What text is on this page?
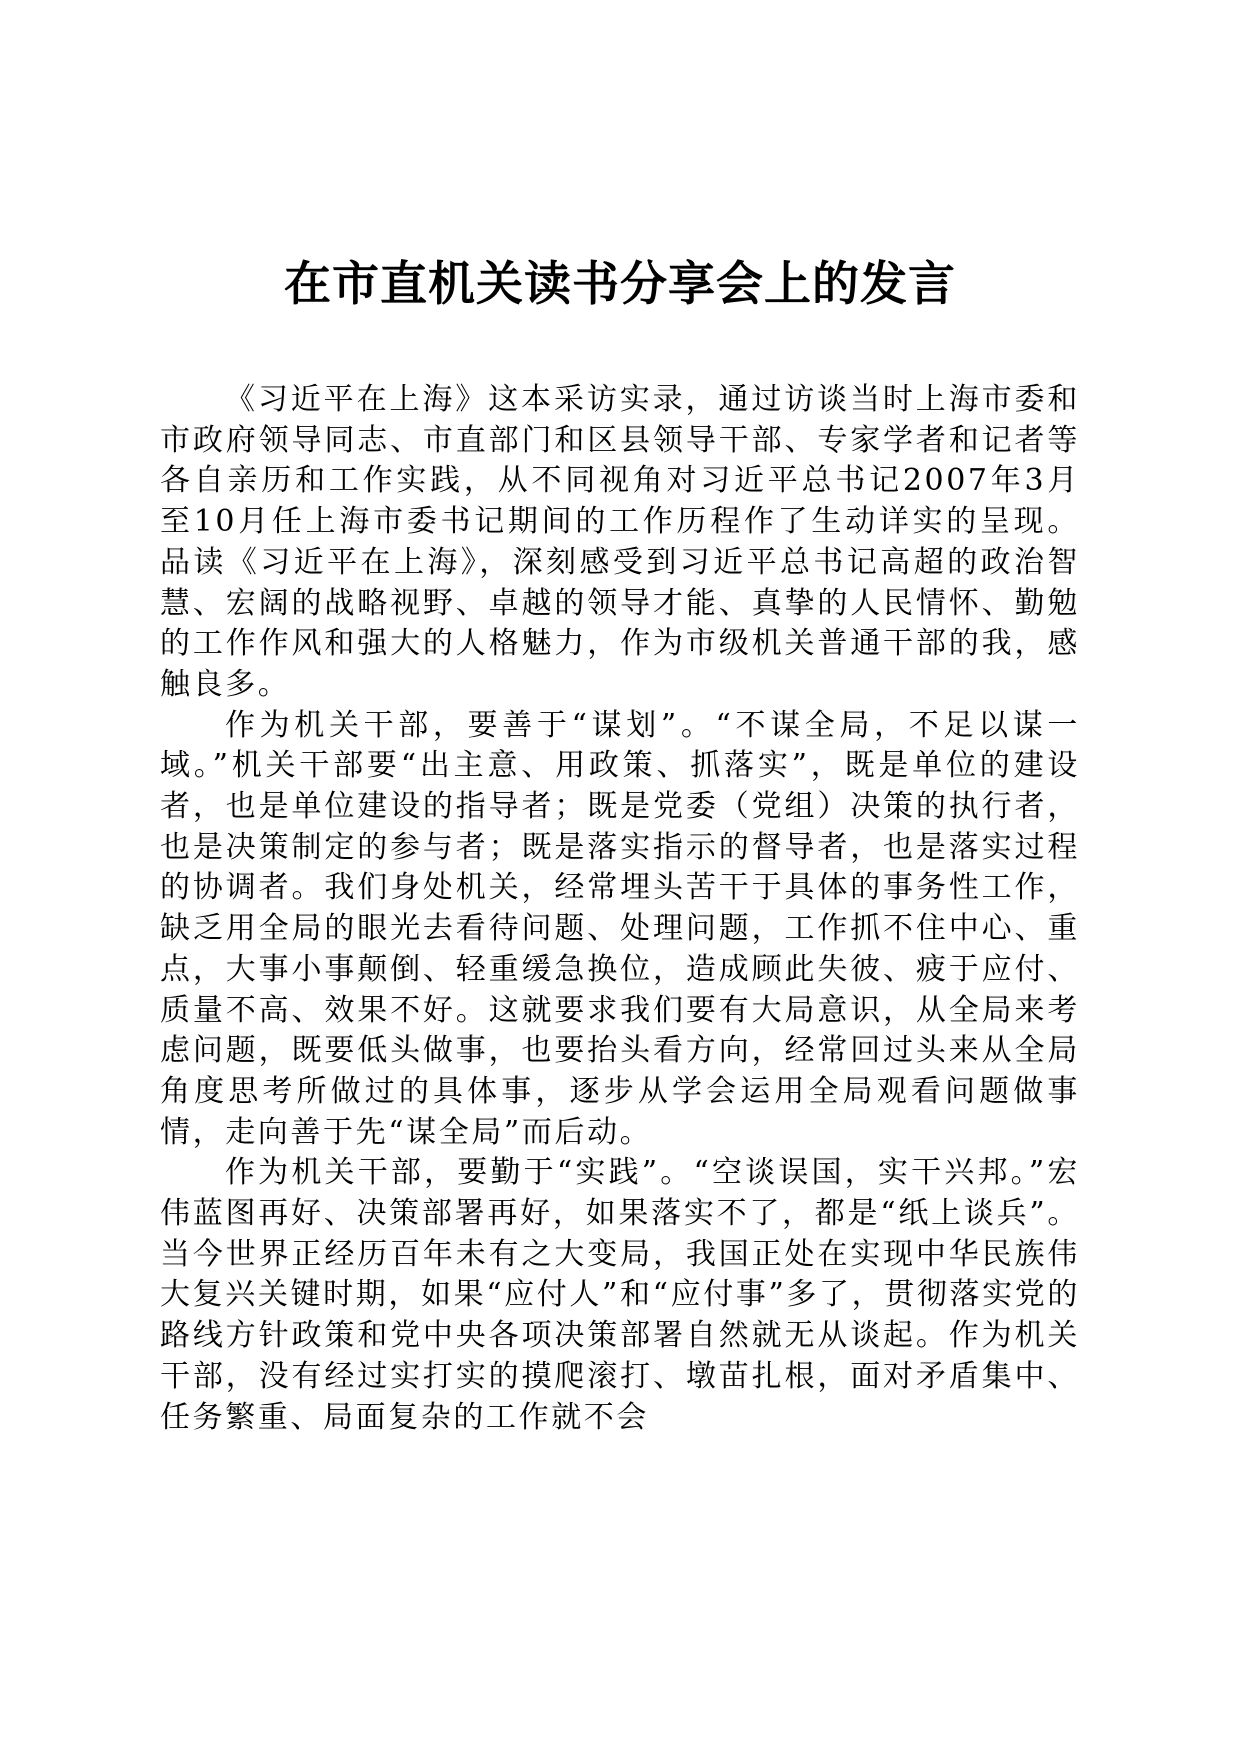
在市直机关读书分享会上的发言

《习近平在上海》这本采访实录，通过访谈当时上海市委和市政府领导同志、市直部门和区县领导干部、专家学者和记者等各自亲历和工作实践，从不同视角对习近平总书记2007年3月至10月任上海市委书记期间的工作历程作了生动详实的呈现。品读《习近平在上海》，深刻感受到习近平总书记高超的政治智慧、宏阔的战略视野、卓越的领导才能、真挚的人民情怀、勤勉的工作作风和强大的人格魅力，作为市级机关普通干部的我，感触良多。

作为机关干部，要善于“谋划”。“不谋全局，不足以谋一域。”机关干部要“出主意、用政策、抓落实”，既是单位的建设者，也是单位建设的指导者；既是党委（党组）决策的执行者，也是决策制定的参与者；既是落实指示的督导者，也是落实过程的协调者。我们身处机关，经常埋头苦干于具体的事务性工作，缺乏用全局的眼光去看待问题、处理问题，工作抓不住中心、重点，大事小事颠倒、轻重缓急换位，造成顾此失彼、疲于应付、质量不高、效果不好。这就要求我们要有大局意识，从全局来考虑问题，既要低头做事，也要抬头看方向，经常回过头来从全局角度思考所做过的具体事，逐步从学会运用全局观看问题做事情，走向善于先“谋全局”而后动。

作为机关干部，要勤于“实践”。“空谈误国，实干兴邦。”宏伟蓝图再好、决策部署再好，如果落实不了，都是“纸上谈兵”。当今世界正经历百年未有之大变局，我国正处在实现中华民族伟大复兴关键时期，如果“应付人”和“应付事”多了，贯彻落实党的路线方针政策和党中央各项决策部署自然就无从谈起。作为机关干部，没有经过实打实的摸爬滚打、墩苗扎根，面对矛盾集中、任务繁重、局面复杂的工作就不会
